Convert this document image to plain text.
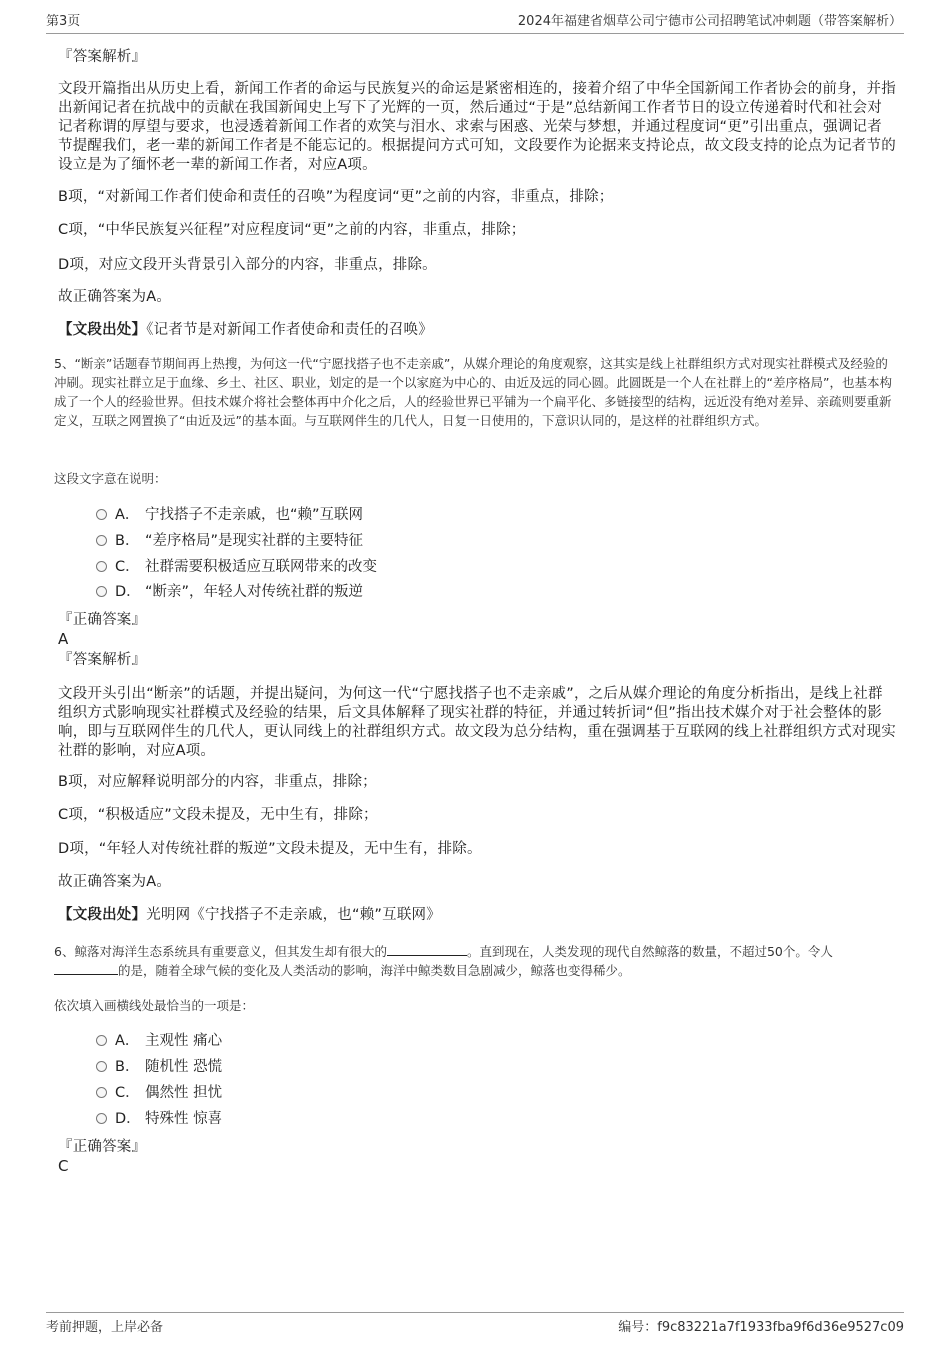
第3页	2024年福建省烟草公司宁德市公司招聘笔试冲刺题（带答案解析）
『答案解析』
文段开篇指出从历史上看，新闻工作者的命运与民族复兴的命运是紧密相连的，接着介绍了中华全国新闻工作者协会的前身，并指出新闻记者在抗战中的贡献在我国新闻史上写下了光辉的一页，然后通过“于是”总结新闻工作者节日的设立传递着时代和社会对记者称谓的厚望与要求，也浸透着新闻工作者的欢笑与泪水、求索与困惑、光荣与梦想，并通过程度词“更”引出重点，强调记者节提醒我们，老一辈的新闻工作者是不能忘记的。根据提问方式可知，文段要作为论据来支持论点，故文段支持的论点为记者节的设立是为了缅怀老一辈的新闻工作者，对应A项。
B项，“对新闻工作者们使命和责任的召唤”为程度词“更”之前的内容，非重点，排除；
C项，“中华民族复兴征程”对应程度词“更”之前的内容，非重点，排除；
D项，对应文段开头背景引入部分的内容，非重点，排除。
故正确答案为A。
【文段出处】《记者节是对新闻工作者使命和责任的召唤》
5、“断亲”话题春节期间再上热搜，为何这一代“宁愿找搭子也不走亲戚”，从媒介理论的角度观察，这其实是线上社群组织方式对现实社群模式及经验的冲刷。现实社群立足于血缘、乡土、社区、职业，划定的是一个以家庭为中心的、由近及远的同心圆。此圆既是一个人在社群上的“差序格局”，也基本构成了一个人的经验世界。但技术媒介将社会整体再中介化之后，人的经验世界已平铺为一个扁平化、多链接型的结构，远近没有绝对差异、亲疏则要重新定义，互联之网置换了“由近及远”的基本面。与互联网伴生的几代人，日复一日使用的，下意识认同的，是这样的社群组织方式。
这段文字意在说明：
A． 宁找搭子不走亲戚，也“赖”互联网
B． “差序格局”是现实社群的主要特征
C． 社群需要积极适应互联网带来的改变
D． “断亲”，年轻人对传统社群的叛逆
『正确答案』
A
『答案解析』
文段开头引出“断亲”的话题，并提出疑问，为何这一代“宁愿找搭子也不走亲戚”，之后从媒介理论的角度分析指出，是线上社群组织方式影响现实社群模式及经验的结果，后文具体解释了现实社群的特征，并通过转折词“但”指出技术媒介对于社会整体的影响，即与互联网伴生的几代人，更认同线上的社群组织方式。故文段为总分结构，重在强调基于互联网的线上社群组织方式对现实社群的影响，对应A项。
B项，对应解释说明部分的内容，非重点，排除；
C项，“积极适应”文段未提及，无中生有，排除；
D项，“年轻人对传统社群的叛逆”文段未提及，无中生有，排除。
故正确答案为A。
【文段出处】光明网《宁找搭子不走亲戚，也“赖”互联网》
6、鲸落对海洋生态系统具有重要意义，但其发生却有很大的	。直到现在，人类发现的现代自然鲸落的数量，不超过50个。令人
的是，随着全球气候的变化及人类活动的影响，海洋中鲸类数目急剧减少，鲸落也变得稀少。
依次填入画横线处最恰当的一项是：
A． 主观性 痛心
B． 随机性 恐慌
C． 偶然性 担忧
D． 特殊性 惊喜
『正确答案』
C
考前押题，上岸必备	编号：f9c83221a7f1933fba9f6d36e9527c09
